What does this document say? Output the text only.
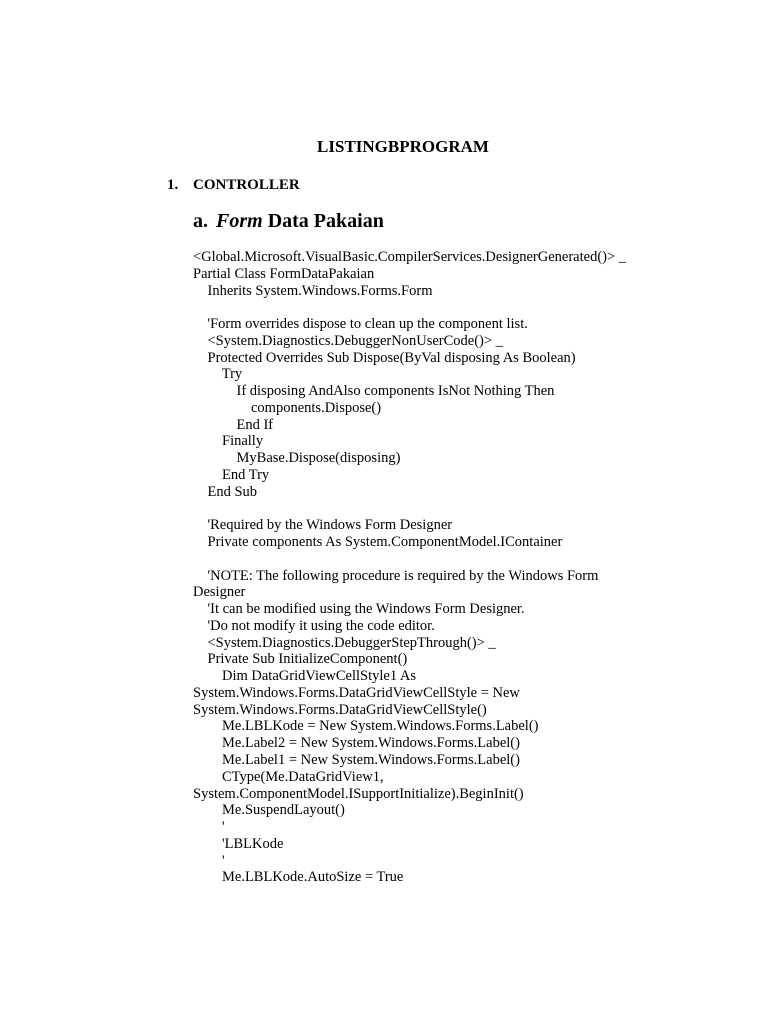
LISTINGBPROGRAM
1. CONTROLLER
a. Form Data Pakaian
<Global.Microsoft.VisualBasic.CompilerServices.DesignerGenerated()> _
Partial Class FormDataPakaian
Inherits System.Windows.Forms.Form
'Form overrides dispose to clean up the component list.
<System.Diagnostics.DebuggerNonUserCode()> _
Protected Overrides Sub Dispose(ByVal disposing As Boolean)
Try
If disposing AndAlso components IsNot Nothing Then
components.Dispose()
End If
Finally
MyBase.Dispose(disposing)
End Try
End Sub
'Required by the Windows Form Designer
Private components As System.ComponentModel.IContainer
'NOTE: The following procedure is required by the Windows Form
Designer
'It can be modified using the Windows Form Designer.
'Do not modify it using the code editor.
<System.Diagnostics.DebuggerStepThrough()> _
Private Sub InitializeComponent()
Dim DataGridViewCellStyle1 As
System.Windows.Forms.DataGridViewCellStyle = New
System.Windows.Forms.DataGridViewCellStyle()
Me.LBLKode = New System.Windows.Forms.Label()
Me.Label2 = New System.Windows.Forms.Label()
Me.Label1 = New System.Windows.Forms.Label()
CType(Me.DataGridView1,
System.ComponentModel.ISupportInitialize).BeginInit()
Me.SuspendLayout()
'
'LBLKode
'
Me.LBLKode.AutoSize = True
